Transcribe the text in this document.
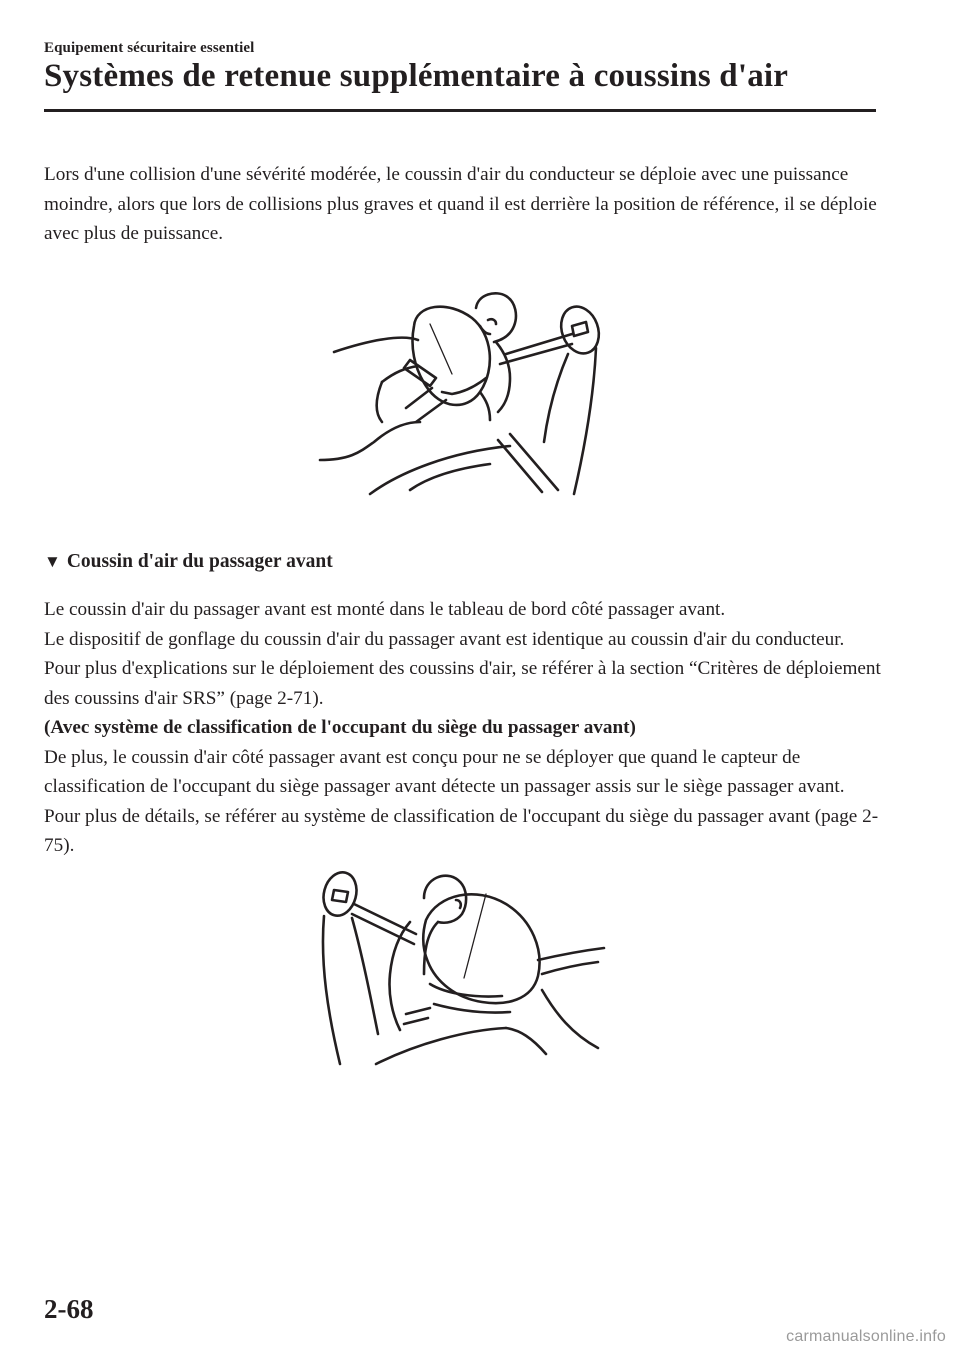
Equipement sécuritaire essentiel
Systèmes de retenue supplémentaire à coussins d'air

Lors d'une collision d'une sévérité modérée, le coussin d'air du conducteur se déploie avec une puissance moindre, alors que lors de collisions plus graves et quand il est derrière la position de référence, il se déploie avec plus de puissance.

▼ Coussin d'air du passager avant

Le coussin d'air du passager avant est monté dans le tableau de bord côté passager avant.

Le dispositif de gonflage du coussin d'air du passager avant est identique au coussin d'air du conducteur.

Pour plus d'explications sur le déploiement des coussins d'air, se référer à la section “Critères de déploiement des coussins d'air SRS” (page 2-71).

(Avec système de classification de l'occupant du siège du passager avant)

De plus, le coussin d'air côté passager avant est conçu pour ne se déployer que quand le capteur de classification de l'occupant du siège passager avant détecte un passager assis sur le siège passager avant. Pour plus de détails, se référer au système de classification de l'occupant du siège du passager avant (page 2-75).

2-68
carmanualsonline.info
